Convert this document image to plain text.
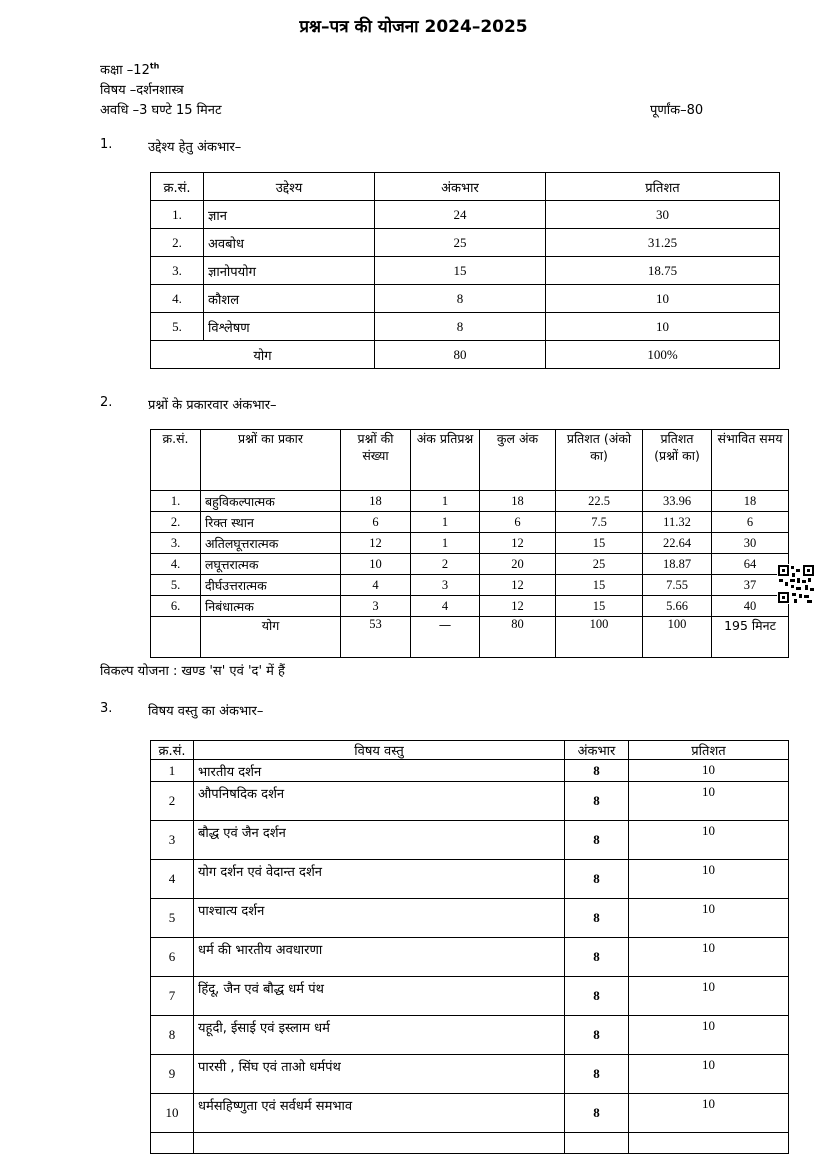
प्रश्न–पत्र की योजना 2024–2025
कक्षा –12th
विषय –दर्शनशास्त्र
अवधि –3 घण्टे 15 मिनट	पूर्णांक–80
1.	उद्देश्य हेतु अंकभार–
क्र.सं.	उद्देश्य	अंकभार	प्रतिशत
1.	ज्ञान	24	30
2.	अवबोध	25	31.25
3.	ज्ञानोपयोग	15	18.75
4.	कौशल	8	10
5.	विश्लेषण	8	10
योग		80	100%
2.	प्रश्नों के प्रकारवार अंकभार–
क्र.सं.	प्रश्नों का प्रकार	प्रश्नों की संख्या	अंक प्रतिप्रश्न	कुल अंक	प्रतिशत (अंको का)	प्रतिशत (प्रश्नों का)	संभावित समय
1.	बहुविकल्पात्मक	18	1	18	22.5	33.96	18
2.	रिक्त स्थान	6	1	6	7.5	11.32	6
3.	अतिलघूत्तरात्मक	12	1	12	15	22.64	30
4.	लघूत्तरात्मक	10	2	20	25	18.87	64
5.	दीर्घउत्तरात्मक	4	3	12	15	7.55	37
6.	निबंधात्मक	3	4	12	15	5.66	40
	योग	53	—	80	100	100	195 मिनट
विकल्प योजना : खण्ड 'स' एवं 'द' में हैं
3.	विषय वस्तु का अंकभार–
क्र.सं.	विषय वस्तु	अंकभार	प्रतिशत
1	भारतीय दर्शन	8	10
2	औपनिषदिक दर्शन	8	10
3	बौद्ध एवं जैन दर्शन	8	10
4	योग दर्शन एवं वेदान्त दर्शन	8	10
5	पाश्चात्य दर्शन	8	10
6	धर्म की भारतीय अवधारणा	8	10
7	हिंदू, जैन एवं बौद्ध धर्म पंथ	8	10
8	यहूदी, ईसाई एवं इस्लाम धर्म	8	10
9	पारसी , सिंघ एवं ताओ धर्मपंथ	8	10
10	धर्मसहिष्णुता एवं सर्वधर्म समभाव	8	10
